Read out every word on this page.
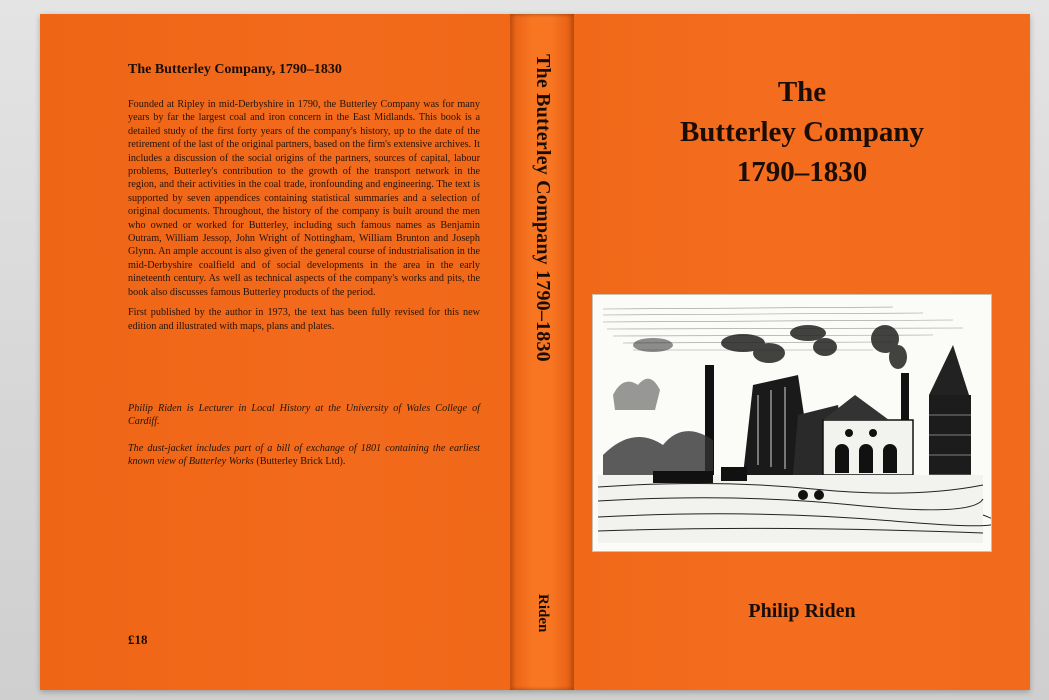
The Butterley Company, 1790–1830

Founded at Ripley in mid-Derbyshire in 1790, the Butterley Company was for many years by far the largest coal and iron concern in the East Midlands. This book is a detailed study of the first forty years of the company's history, up to the date of the retirement of the last of the original partners, based on the firm's extensive archives. It includes a discussion of the social origins of the partners, sources of capital, labour problems, Butterley's contribution to the growth of the transport network in the region, and their activities in the coal trade, ironfounding and engineering. The text is supported by seven appendices containing statistical summaries and a selection of original documents. Throughout, the history of the company is built around the men who owned or worked for Butterley, including such famous names as Benjamin Outram, William Jessop, John Wright of Nottingham, William Brunton and Joseph Glynn. An ample account is also given of the general course of industrialisation in the mid-Derbyshire coalfield and of social developments in the area in the early nineteenth century. As well as technical aspects of the company's works and pits, the book also discusses famous Butterley products of the period.

First published by the author in 1973, the text has been fully revised for this new edition and illustrated with maps, plans and plates.

Philip Riden is Lecturer in Local History at the University of Wales College of Cardiff.
The dust-jacket includes part of a bill of exchange of 1801 containing the earliest known view of Butterley Works (Butterley Brick Ltd).
£18
The Butterley Company 1790–1830
Riden
The
Butterley Company
1790–1830
Philip Riden
